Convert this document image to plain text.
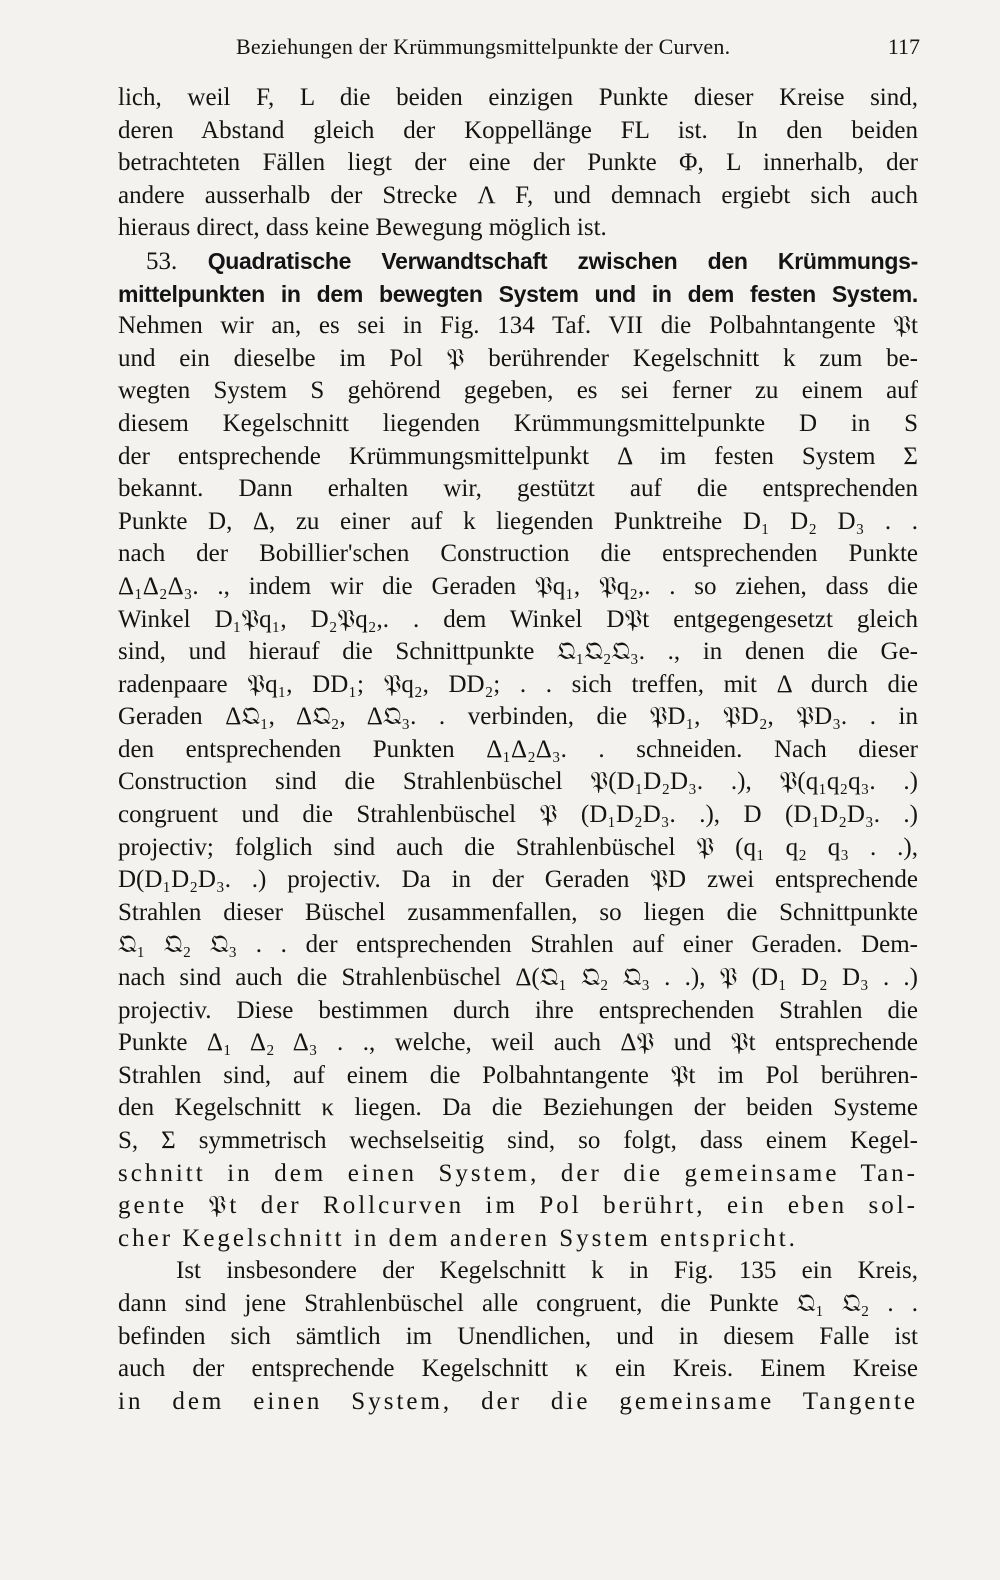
Beziehungen der Krümmungsmittelpunkte der Curven.	117
lich, weil F, L die beiden einzigen Punkte dieser Kreise sind,
deren Abstand gleich der Koppellänge FL ist. In den beiden
betrachteten Fällen liegt der eine der Punkte Φ, L innerhalb, der
andere ausserhalb der Strecke Λ F, und demnach ergiebt sich auch
hieraus direct, dass keine Bewegung möglich ist.
53. Quadratische Verwandtschaft zwischen den Krümmungs-
mittelpunkten in dem bewegten System und in dem festen System.
Nehmen wir an, es sei in Fig. 134 Taf. VII die Polbahntangente 𝔓t
und ein dieselbe im Pol 𝔓 berührender Kegelschnitt k zum be-
wegten System S gehörend gegeben, es sei ferner zu einem auf
diesem Kegelschnitt liegenden Krümmungsmittelpunkte D in S
der entsprechende Krümmungsmittelpunkt Δ im festen System Σ
bekannt. Dann erhalten wir, gestützt auf die entsprechenden
Punkte D, Δ, zu einer auf k liegenden Punktreihe D₁ D₂ D₃ . .
nach der Bobillier'schen Construction die entsprechenden Punkte
Δ₁Δ₂Δ₃. ., indem wir die Geraden 𝔓q₁, 𝔓q₂,. . so ziehen, dass die
Winkel D₁𝔓q₁, D₂𝔓q₂,. . dem Winkel D𝔓t entgegengesetzt gleich
sind, und hierauf die Schnittpunkte 𝔔₁𝔔₂𝔔₃. ., in denen die Ge-
radenpaare 𝔓q₁, DD₁; 𝔓q₂, DD₂; . . sich treffen, mit Δ durch die
Geraden Δ𝔔₁, Δ𝔔₂, Δ𝔔₃. . verbinden, die 𝔓D₁, 𝔓D₂, 𝔓D₃. . in
den entsprechenden Punkten Δ₁Δ₂Δ₃. . schneiden. Nach dieser
Construction sind die Strahlenbüschel 𝔓(D₁D₂D₃. .), 𝔓(q₁q₂q₃. .)
congruent und die Strahlenbüschel 𝔓 (D₁D₂D₃. .), D (D₁D₂D₃. .)
projectiv; folglich sind auch die Strahlenbüschel 𝔓 (q₁ q₂ q₃ . .),
D(D₁D₂D₃. .) projectiv. Da in der Geraden 𝔓D zwei entsprechende
Strahlen dieser Büschel zusammenfallen, so liegen die Schnittpunkte
𝔔₁ 𝔔₂ 𝔔₃ . . der entsprechenden Strahlen auf einer Geraden. Dem-
nach sind auch die Strahlenbüschel Δ(𝔔₁ 𝔔₂ 𝔔₃ . .), 𝔓 (D₁ D₂ D₃ . .)
projectiv. Diese bestimmen durch ihre entsprechenden Strahlen die
Punkte Δ₁ Δ₂ Δ₃ . ., welche, weil auch Δ𝔓 und 𝔓t entsprechende
Strahlen sind, auf einem die Polbahntangente 𝔓t im Pol berühren-
den Kegelschnitt κ liegen. Da die Beziehungen der beiden Systeme
S, Σ symmetrisch wechselseitig sind, so folgt, dass einem Kegel-
schnitt in dem einen System, der die gemeinsame Tan-
gente 𝔓t der Rollcurven im Pol berührt, ein eben sol-
cher Kegelschnitt in dem anderen System entspricht.
Ist insbesondere der Kegelschnitt k in Fig. 135 ein Kreis,
dann sind jene Strahlenbüschel alle congruent, die Punkte 𝔔₁ 𝔔₂ . .
befinden sich sämtlich im Unendlichen, und in diesem Falle ist
auch der entsprechende Kegelschnitt κ ein Kreis. Einem Kreise
in dem einen System, der die gemeinsame Tangente
